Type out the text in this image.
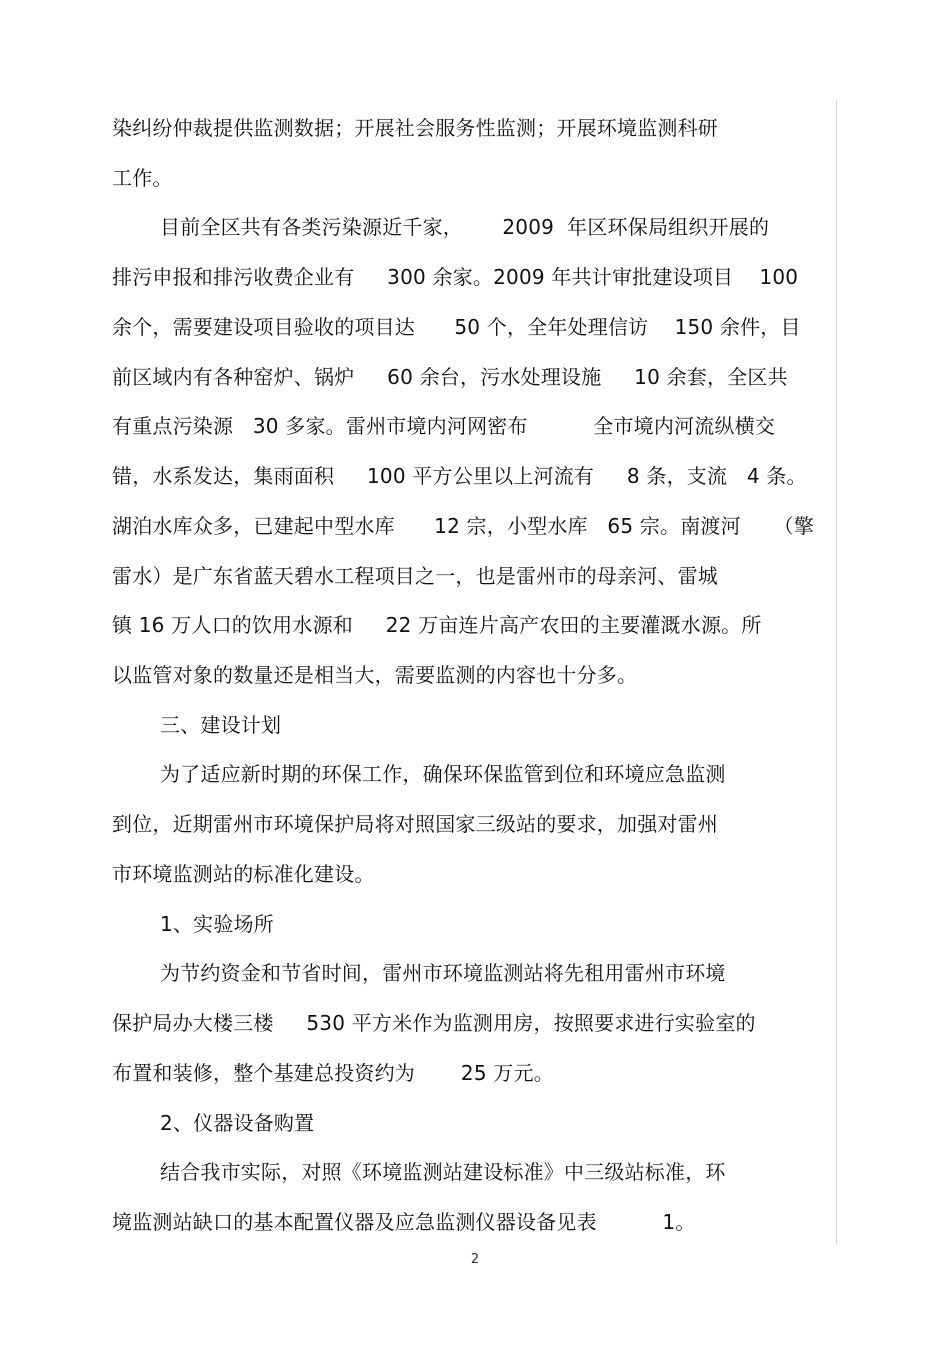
染纠纷仲裁提供监测数据；开展社会服务性监测；开展环境监测科研
工作。
目前全区共有各类污染源近千家，      2009  年区环保局组织开展的
排污申报和排污收费企业有     300 余家。2009 年共计审批建设项目    100
余个，需要建设项目验收的项目达      50 个，全年处理信访    150 余件，目
前区域内有各种窑炉、锅炉     60 余台，污水处理设施     10 余套，全区共
有重点污染源   30 多家。雷州市境内河网密布          全市境内河流纵横交
错，水系发达，集雨面积     100 平方公里以上河流有     8 条，支流   4 条。
湖泊水库众多，已建起中型水库      12 宗，小型水库   65 宗。南渡河     （擎
雷水）是广东省蓝天碧水工程项目之一，也是雷州市的母亲河、雷城
镇 16 万人口的饮用水源和     22 万亩连片高产农田的主要灌溉水源。所
以监管对象的数量还是相当大，需要监测的内容也十分多。
三、建设计划
为了适应新时期的环保工作，确保环保监管到位和环境应急监测
到位，近期雷州市环境保护局将对照国家三级站的要求，加强对雷州
市环境监测站的标准化建设。
1、实验场所
为节约资金和节省时间，雷州市环境监测站将先租用雷州市环境
保护局办大楼三楼     530 平方米作为监测用房，按照要求进行实验室的
布置和装修，整个基建总投资约为       25 万元。
2、仪器设备购置
结合我市实际，对照《环境监测站建设标准》中三级站标准，环
境监测站缺口的基本配置仪器及应急监测仪器设备见表          1。
2
